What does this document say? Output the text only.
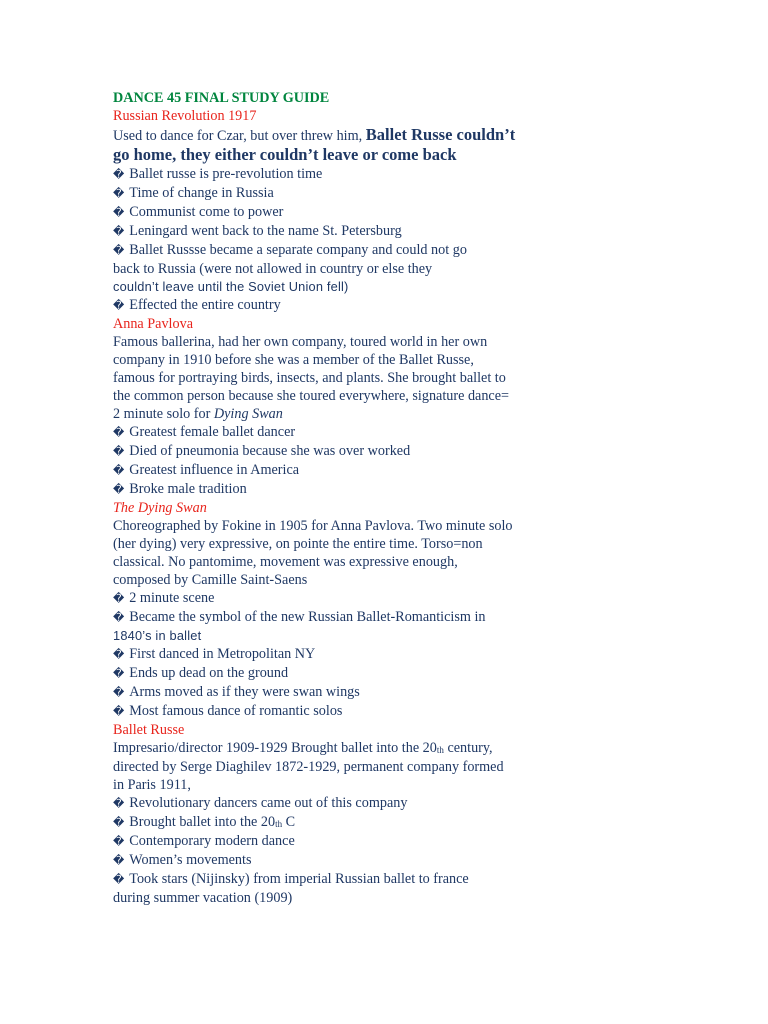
DANCE 45 FINAL STUDY GUIDE
Russian Revolution 1917
Used to dance for Czar, but over threw him, Ballet Russe couldn’t
go home, they either couldn’t leave or come back
� Ballet russe is pre-revolution time
� Time of change in Russia
� Communist come to power
� Leningard went back to the name St. Petersburg
� Ballet Russse became a separate company and could not go
back to Russia (were not allowed in country or else they
couldn’t leave until the Soviet Union fell)
� Effected the entire country
Anna Pavlova
Famous ballerina, had her own company, toured world in her own
company in 1910 before she was a member of the Ballet Russe,
famous for portraying birds, insects, and plants. She brought ballet to
the common person because she toured everywhere, signature dance=
2 minute solo for Dying Swan
� Greatest female ballet dancer
� Died of pneumonia because she was over worked
� Greatest influence in America
� Broke male tradition
The Dying Swan
Choreographed by Fokine in 1905 for Anna Pavlova. Two minute solo
(her dying) very expressive, on pointe the entire time. Torso=non
classical. No pantomime, movement was expressive enough,
composed by Camille Saint-Saens
� 2 minute scene
� Became the symbol of the new Russian Ballet-Romanticism in
1840’s in ballet
� First danced in Metropolitan NY
� Ends up dead on the ground
� Arms moved as if they were swan wings
� Most famous dance of romantic solos
Ballet Russe
Impresario/director 1909-1929 Brought ballet into the 20th century,
directed by Serge Diaghilev 1872-1929, permanent company formed
in Paris 1911,
� Revolutionary dancers came out of this company
� Brought ballet into the 20th C
� Contemporary modern dance
� Women’s movements
� Took stars (Nijinsky) from imperial Russian ballet to france
during summer vacation (1909)
